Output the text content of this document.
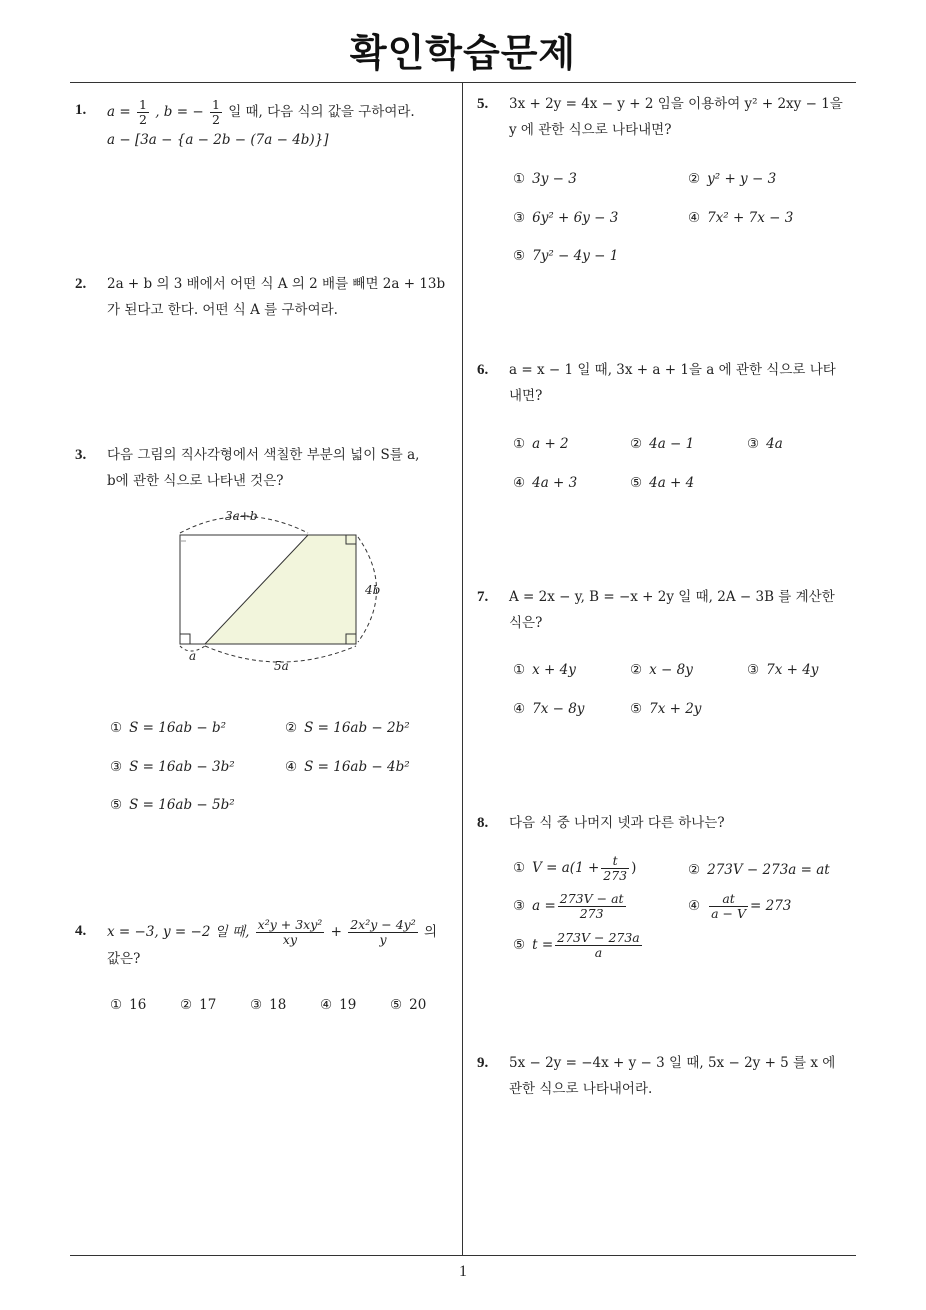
확인학습문제
1
1. $a = \frac{1}{2}$ , b = − $\frac{1}{2}$ 일 때, 다음 식의 값을 구하여라.
a − [3a − {a − 2b − (7a − 4b)}]
2. 2a + b 의 3 배에서 어떤 식 A 의 2 배를 빼면 2a + 13b
가 된다고 한다. 어떤 식 A 를 구하여라.
3. 다음 그림의 직사각형에서 색칠한 부분의 넓이 S를 a,
b에 관한 식으로 나타낸 것은?
3a+b
4b
a
5a
① S = 16ab − b²	② S = 16ab − 2b²
③ S = 16ab − 3b²	④ S = 16ab − 4b²
⑤ S = 16ab − 5b²
4. x = −3, y = −2 일 때, $\frac{\text{x²y + 3xy²}}{xy} + \frac{\text{2x²y − 4y²}}{y}$ 의
값은?
① 16 ② 17 ③ 18 ④ 19 ⑤ 20
5. 3x + 2y = 4x − y + 2 임을 이용하여 y² + 2xy − 1을
y 에 관한 식으로 나타내면?
① 3y − 3	② y² + y − 3
③ 6y² + 6y − 3	④ 7x² + 7x − 3
⑤ 7y² − 4y − 1
6. a = x − 1 일 때, 3x + a + 1을 a 에 관한 식으로 나타
내면?
① a + 2	② 4a − 1	③ 4a
④ 4a + 3	⑤ 4a + 4
7. A = 2x − y, B = −x + 2y 일 때, 2A − 3B 를 계산한
식은?
① x + 4y	② x − 8y	③ 7x + 4y
④ 7x − 8y	⑤ 7x + 2y
8. 다음 식 중 나머지 넷과 다른 하나는?
① $V = a(1 + \frac{t}{273}$ )	② 273V − 273a = at
③ $a = \frac{273V - at}{273}$	④ $\frac{at}{a - V} = 273$
⑤ $t = \frac{273V - 273a}{a}$
9. 5x − 2y = −4x + y − 3 일 때, 5x − 2y + 5 를 x 에
관한 식으로 나타내어라.
